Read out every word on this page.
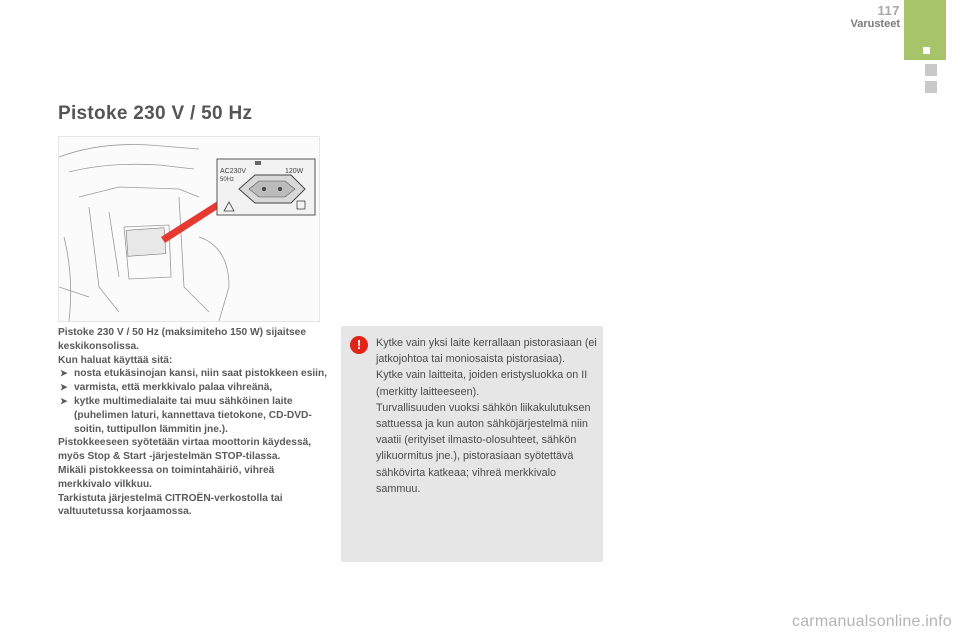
117
Varusteet
Pistoke 230 V / 50 Hz
AC230V
50Hz
120W

Pistoke 230 V / 50 Hz (maksimiteho 150 W) sijaitsee keskikonsolissa.

Kun haluat käyttää sitä:

➤ nosta etukäsinojan kansi, niin saat pistokkeen esiin,
➤ varmista, että merkkivalo palaa vihreänä,
➤ kytke multimedialaite tai muu sähköinen laite (puhelimen laturi, kannettava tietokone, CD-DVD-soitin, tuttipullon lämmitin jne.).

Pistokkeeseen syötetään virtaa moottorin käydessä, myös Stop & Start -järjestelmän STOP-tilassa.

Mikäli pistokkeessa on toimintahäiriö, vihreä merkkivalo vilkkuu.

Tarkistuta järjestelmä CITROËN-verkostolla tai valtuutetussa korjaamossa.

!	Kytke vain yksi laite kerrallaan pistorasiaan (ei jatkojohtoa tai moniosaista pistorasiaa).

Kytke vain laitteita, joiden eristysluokka on II (merkitty laitteeseen).

Turvallisuuden vuoksi sähkön liikakulutuksen sattuessa ja kun auton sähköjärjestelmä niin vaatii (erityiset ilmasto-olosuhteet, sähkön ylikuormitus jne.), pistorasiaan syötettävä sähkövirta katkeaa; vihreä merkkivalo sammuu.

carmanualsonline.info
